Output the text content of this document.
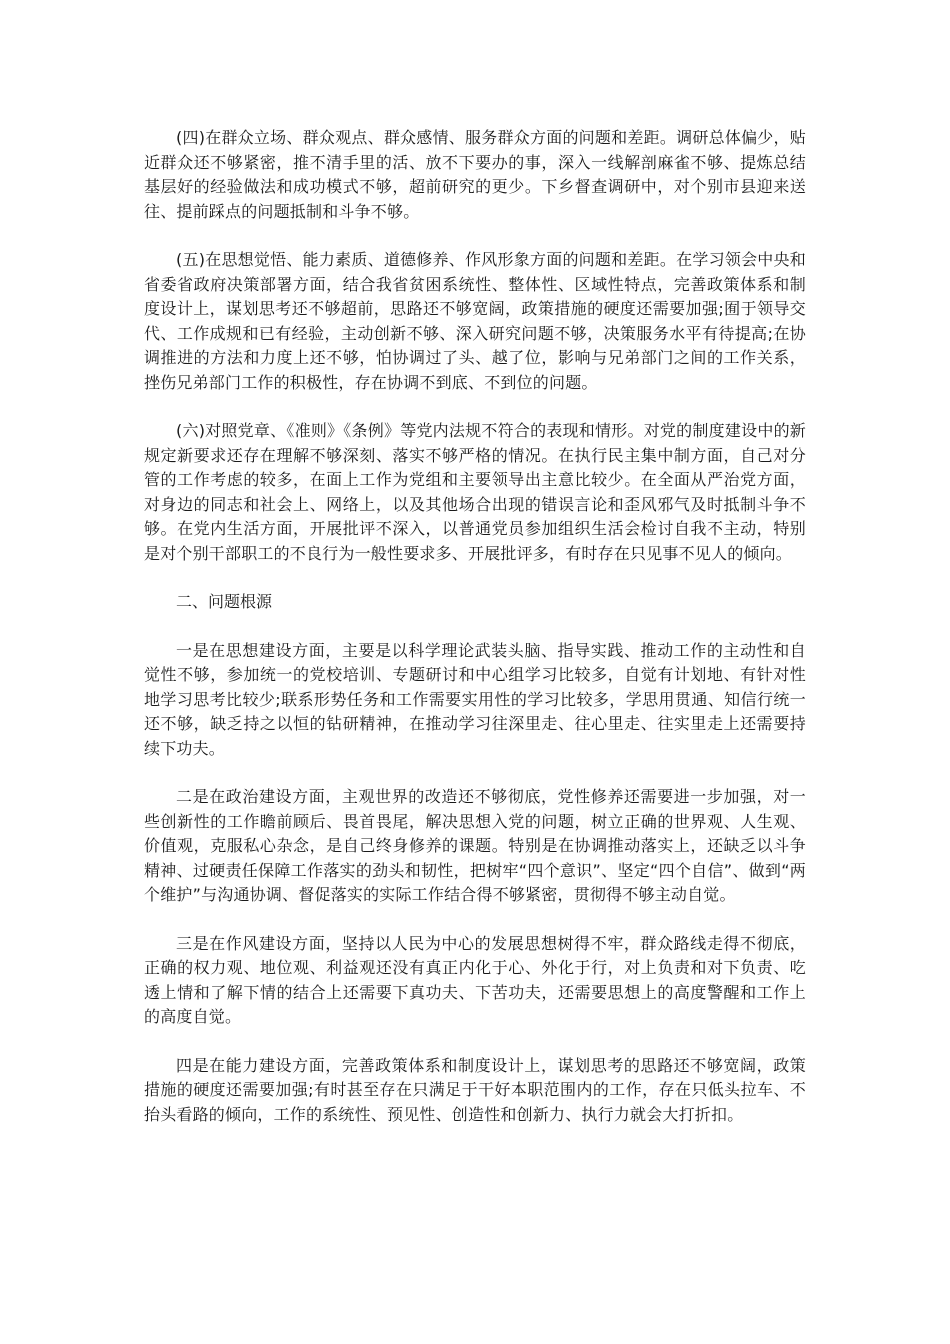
(四)在群众立场、群众观点、群众感情、服务群众方面的问题和差距。调研总体偏少，贴近群众还不够紧密，推不清手里的活、放不下要办的事，深入一线解剖麻雀不够、提炼总结基层好的经验做法和成功模式不够，超前研究的更少。下乡督查调研中，对个别市县迎来送往、提前踩点的问题抵制和斗争不够。

(五)在思想觉悟、能力素质、道德修养、作风形象方面的问题和差距。在学习领会中央和省委省政府决策部署方面，结合我省贫困系统性、整体性、区域性特点，完善政策体系和制度设计上，谋划思考还不够超前，思路还不够宽阔，政策措施的硬度还需要加强;囿于领导交代、工作成规和已有经验，主动创新不够、深入研究问题不够，决策服务水平有待提高;在协调推进的方法和力度上还不够，怕协调过了头、越了位，影响与兄弟部门之间的工作关系，挫伤兄弟部门工作的积极性，存在协调不到底、不到位的问题。

(六)对照党章、《准则》《条例》等党内法规不符合的表现和情形。对党的制度建设中的新规定新要求还存在理解不够深刻、落实不够严格的情况。在执行民主集中制方面，自己对分管的工作考虑的较多，在面上工作为党组和主要领导出主意比较少。在全面从严治党方面，对身边的同志和社会上、网络上，以及其他场合出现的错误言论和歪风邪气及时抵制斗争不够。在党内生活方面，开展批评不深入，以普通党员参加组织生活会检讨自我不主动，特别是对个别干部职工的不良行为一般性要求多、开展批评多，有时存在只见事不见人的倾向。

二、问题根源

一是在思想建设方面，主要是以科学理论武装头脑、指导实践、推动工作的主动性和自觉性不够，参加统一的党校培训、专题研讨和中心组学习比较多，自觉有计划地、有针对性地学习思考比较少;联系形势任务和工作需要实用性的学习比较多，学思用贯通、知信行统一还不够，缺乏持之以恒的钻研精神，在推动学习往深里走、往心里走、往实里走上还需要持续下功夫。

二是在政治建设方面，主观世界的改造还不够彻底，党性修养还需要进一步加强，对一些创新性的工作瞻前顾后、畏首畏尾，解决思想入党的问题，树立正确的世界观、人生观、价值观，克服私心杂念，是自己终身修养的课题。特别是在协调推动落实上，还缺乏以斗争精神、过硬责任保障工作落实的劲头和韧性，把树牢“四个意识”、坚定“四个自信”、做到“两个维护”与沟通协调、督促落实的实际工作结合得不够紧密，贯彻得不够主动自觉。

三是在作风建设方面，坚持以人民为中心的发展思想树得不牢，群众路线走得不彻底，正确的权力观、地位观、利益观还没有真正内化于心、外化于行，对上负责和对下负责、吃透上情和了解下情的结合上还需要下真功夫、下苦功夫，还需要思想上的高度警醒和工作上的高度自觉。

四是在能力建设方面，完善政策体系和制度设计上，谋划思考的思路还不够宽阔，政策措施的硬度还需要加强;有时甚至存在只满足于干好本职范围内的工作，存在只低头拉车、不抬头看路的倾向，工作的系统性、预见性、创造性和创新力、执行力就会大打折扣。
